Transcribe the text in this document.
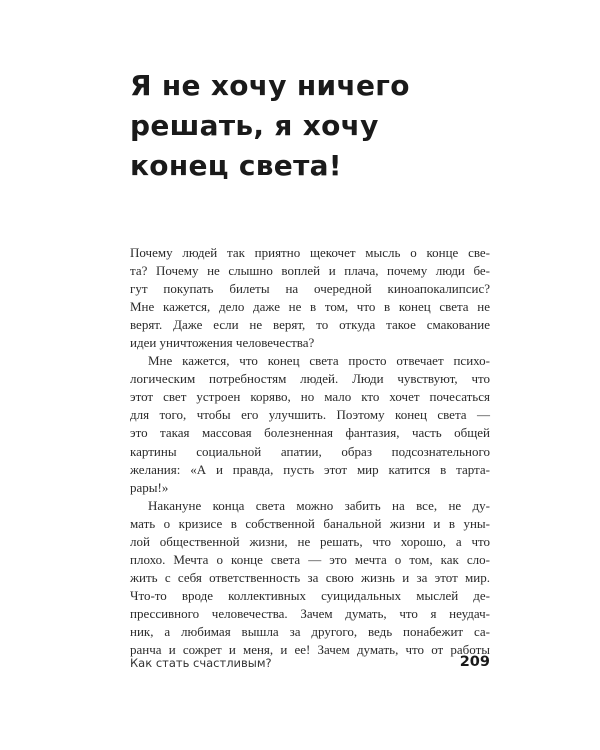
Я не хочу ничего
решать, я хочу
конец света!
Почему людей так приятно щекочет мысль о конце све-
та? Почему не слышно воплей и плача, почему люди бе-
гут покупать билеты на очередной киноапокалипсис?
Мне кажется, дело даже не в том, что в конец света не
верят. Даже если не верят, то откуда такое смакование
идеи уничтожения человечества?
Мне кажется, что конец света просто отвечает психо-
логическим потребностям людей. Люди чувствуют, что
этот свет устроен коряво, но мало кто хочет почесаться
для того, чтобы его улучшить. Поэтому конец света —
это такая массовая болезненная фантазия, часть общей
картины социальной апатии, образ подсознательного
желания: «А и правда, пусть этот мир катится в тарта-
рары!»
Накануне конца света можно забить на все, не ду-
мать о кризисе в собственной банальной жизни и в уны-
лой общественной жизни, не решать, что хорошо, а что
плохо. Мечта о конце света — это мечта о том, как сло-
жить с себя ответственность за свою жизнь и за этот мир.
Что-то вроде коллективных суицидальных мыслей де-
прессивного человечества. Зачем думать, что я неудач-
ник, а любимая вышла за другого, ведь понабежит са-
ранча и сожрет и меня, и ее! Зачем думать, что от работы
Как стать счастливым?	209
